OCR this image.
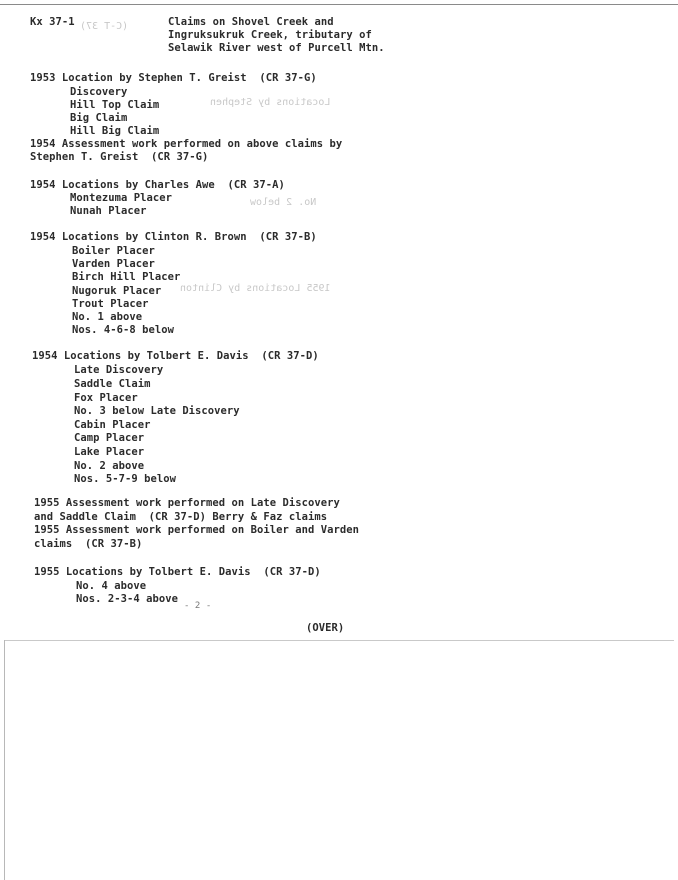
(C-T 37)
Locations by Stephen
No. 2 below
1955 Locations by Clinton
Kx 37-1	Claims on Shovel Creek and
Ingruksukruk Creek, tributary of
Selawik River west of Purcell Mtn.
1953 Location by Stephen T. Greist  (CR 37-G)
Discovery
Hill Top Claim
Big Claim
Hill Big Claim
1954 Assessment work performed on above claims by
Stephen T. Greist  (CR 37-G)
1954 Locations by Charles Awe  (CR 37-A)
Montezuma Placer
Nunah Placer
1954 Locations by Clinton R. Brown  (CR 37-B)
Boiler Placer
Varden Placer
Birch Hill Placer
Nugoruk Placer
Trout Placer
No. 1 above
Nos. 4-6-8 below
1954 Locations by Tolbert E. Davis  (CR 37-D)
Late Discovery
Saddle Claim
Fox Placer
No. 3 below Late Discovery
Cabin Placer
Camp Placer
Lake Placer
No. 2 above
Nos. 5-7-9 below
1955 Assessment work performed on Late Discovery
and Saddle Claim  (CR 37-D) Berry & Faz claims
1955 Assessment work performed on Boiler and Varden
claims  (CR 37-B)
1955 Locations by Tolbert E. Davis  (CR 37-D)
No. 4 above
Nos. 2-3-4 above
- 2 -
(OVER)
